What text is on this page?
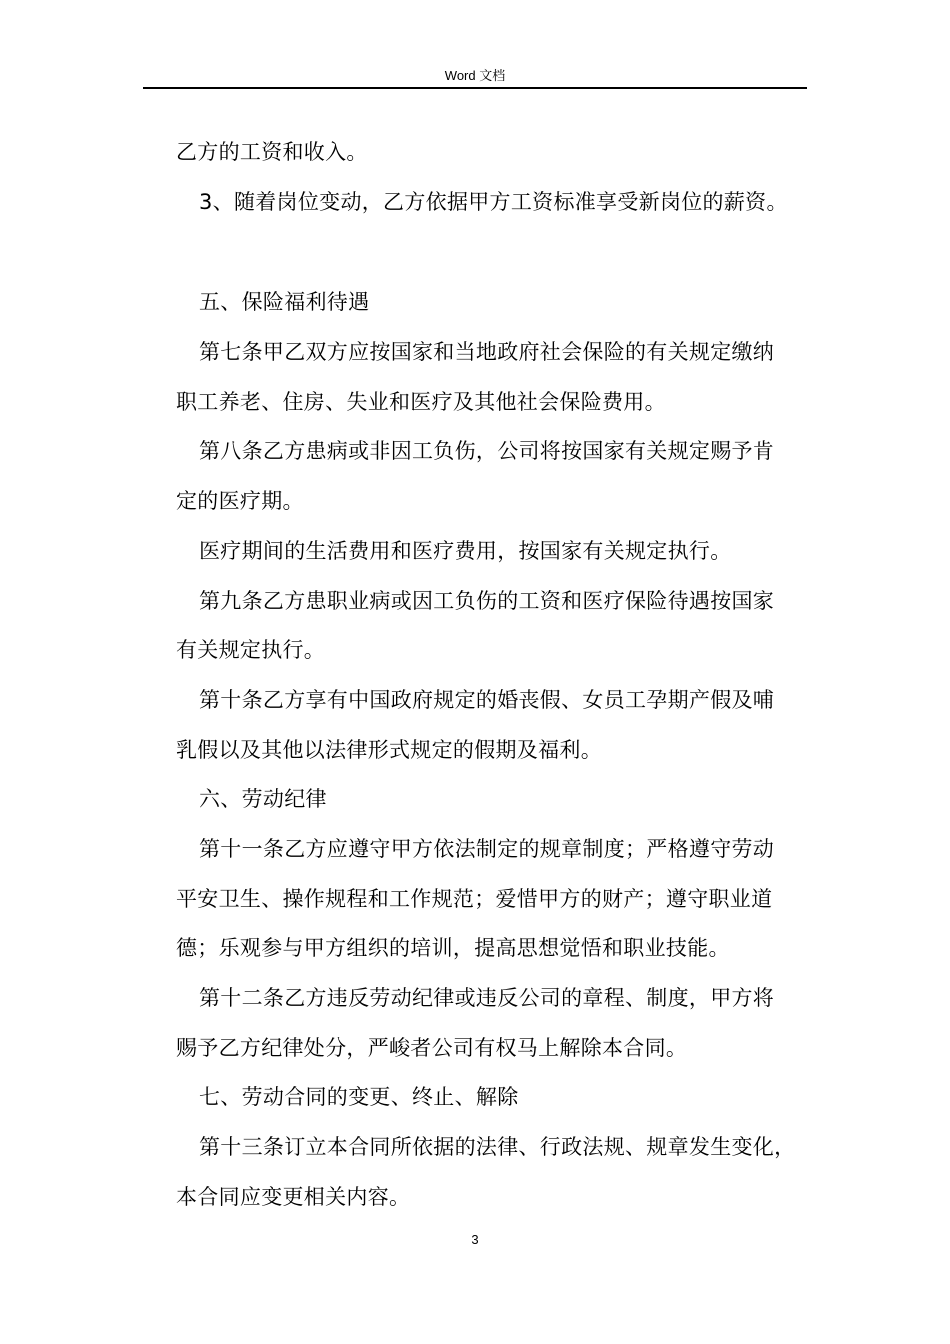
Word 文档
乙方的工资和收入。
3、随着岗位变动，乙方依据甲方工资标准享受新岗位的薪资。
五、保险福利待遇
第七条甲乙双方应按国家和当地政府社会保险的有关规定缴纳
职工养老、住房、失业和医疗及其他社会保险费用。
第八条乙方患病或非因工负伤，公司将按国家有关规定赐予肯
定的医疗期。
医疗期间的生活费用和医疗费用，按国家有关规定执行。
第九条乙方患职业病或因工负伤的工资和医疗保险待遇按国家
有关规定执行。
第十条乙方享有中国政府规定的婚丧假、女员工孕期产假及哺
乳假以及其他以法律形式规定的假期及福利。
六、劳动纪律
第十一条乙方应遵守甲方依法制定的规章制度；严格遵守劳动
平安卫生、操作规程和工作规范；爱惜甲方的财产；遵守职业道
德；乐观参与甲方组织的培训，提高思想觉悟和职业技能。
第十二条乙方违反劳动纪律或违反公司的章程、制度，甲方将
赐予乙方纪律处分，严峻者公司有权马上解除本合同。
七、劳动合同的变更、终止、解除
第十三条订立本合同所依据的法律、行政法规、规章发生变化，
本合同应变更相关内容。
3
